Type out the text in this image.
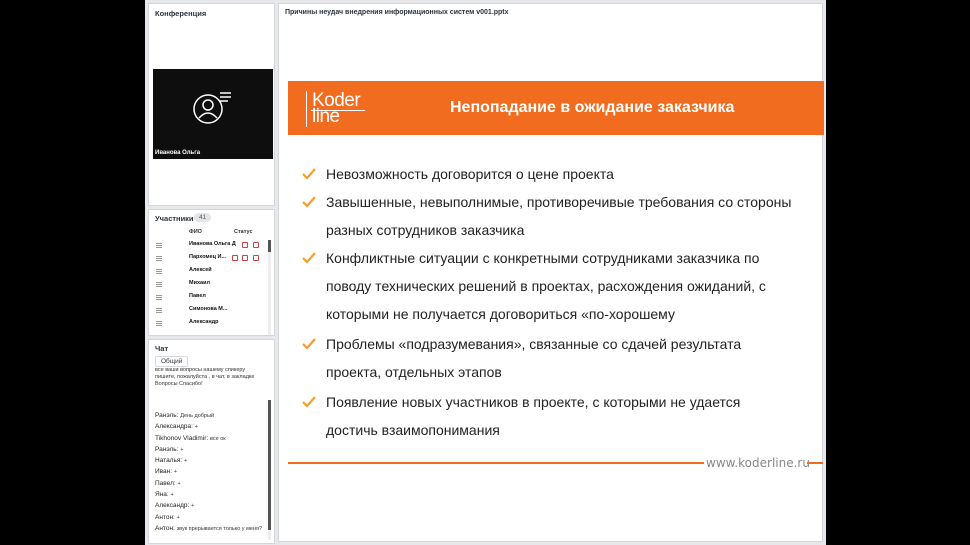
Конференция
Иванова Ольга
Участники 41
ФИО	Статус
Иванова Ольга Д
Пархомец И...
Алексей
Михаил
Павел
Симонова М...
Александр
Чат
Общий
все ваши вопросы нашему спикеру пишите, пожалуйста , в чат, в закладке Вопросы Спасибо!
Ранэль: День добрый
Александра: +
Tikhonov Vladimir: все ок
Ранэль: +
Наталья: +
Иван: +
Павел: +
Яна: +
Александр: +
Антон: +
Антон: звук прерывается только у меня?
Причины неудач внедрения информационных систем v001.pptx
Koder
line	Непопадание в ожидание заказчика
Невозможность договорится о цене проекта
Завышенные, невыполнимые, противоречивые требования со стороны разных сотрудников заказчика
Конфликтные ситуации с конкретными сотрудниками заказчика по поводу технических решений в проектах, расхождения ожиданий, с которыми не получается договориться «по-хорошему
Проблемы «подразумевания», связанные со сдачей результата проекта, отдельных этапов
Появление новых участников в проекте, с которыми не удается достичь взаимопонимания
www.koderline.ru
